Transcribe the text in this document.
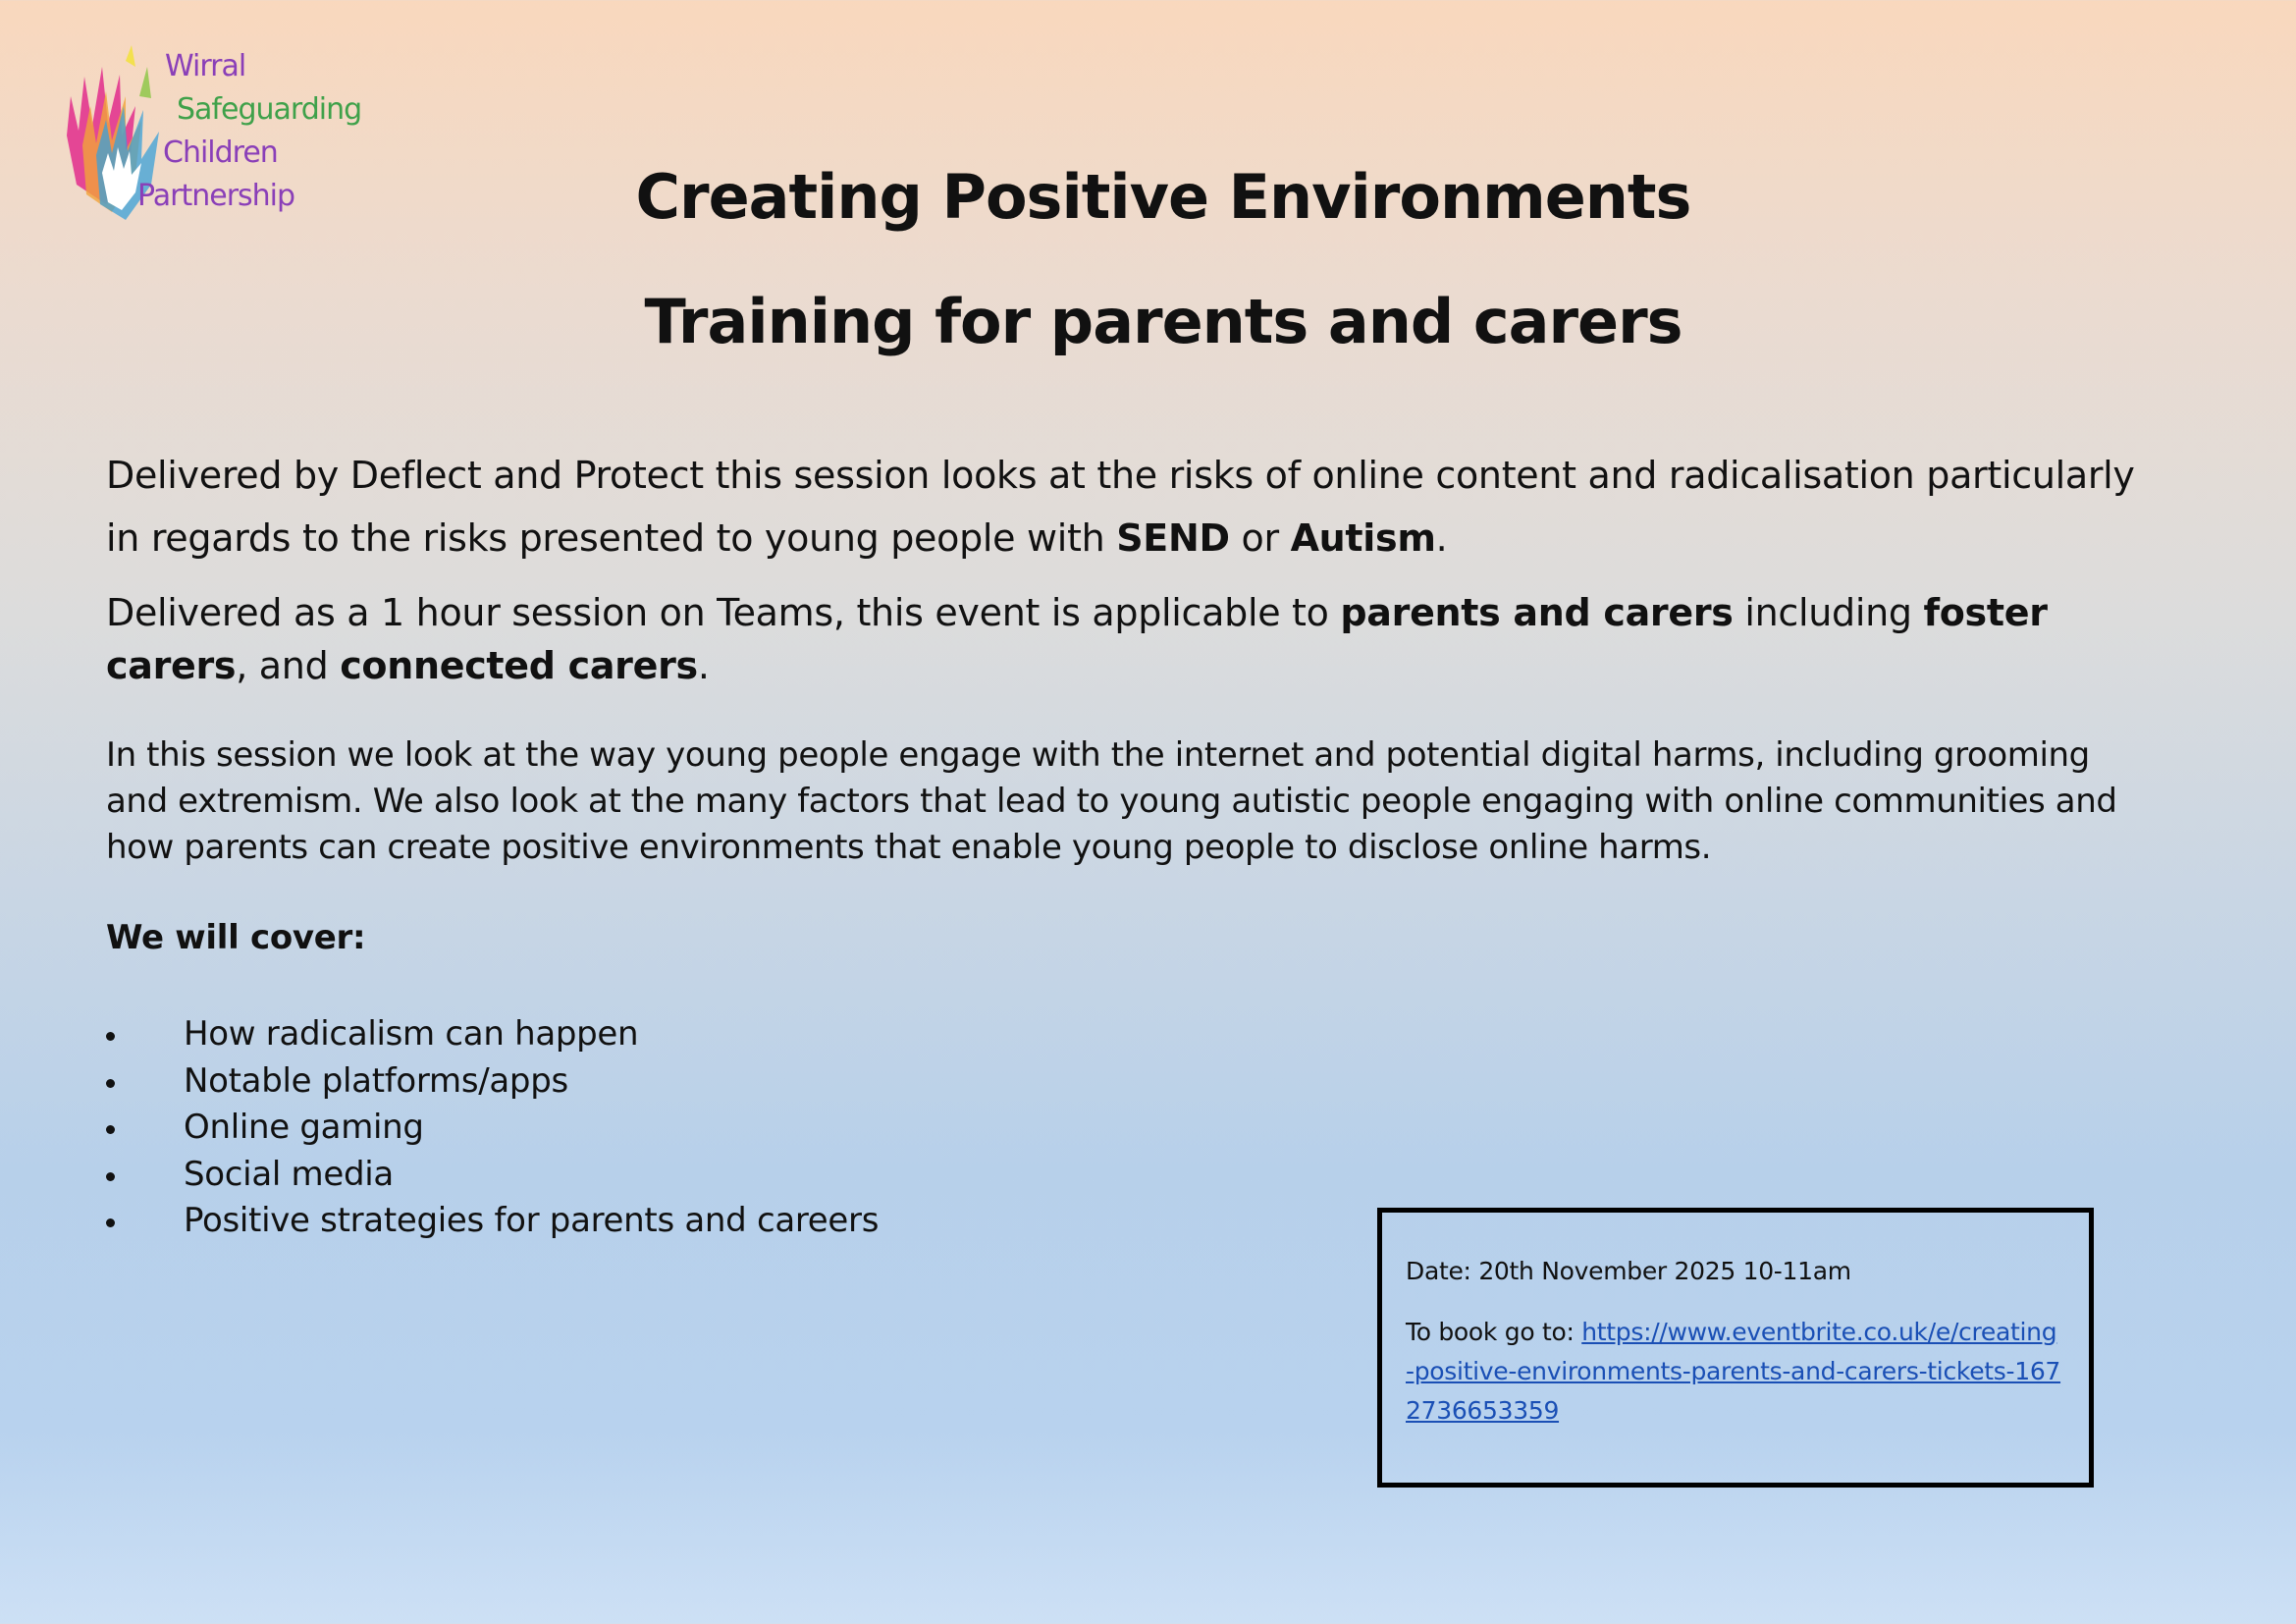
Wirral
Safeguarding
Children
Partnership	Creating Positive Environments
Training for parents and carers

Delivered by Deflect and Protect this session looks at the risks of online content and radicalisation particularly in regards to the risks presented to young people with SEND or Autism.

Delivered as a 1 hour session on Teams, this event is applicable to parents and carers including foster carers, and connected carers.

In this session we look at the way young people engage with the internet and potential digital harms, including grooming and extremism. We also look at the many factors that lead to young autistic people engaging with online communities and how parents can create positive environments that enable young people to disclose online harms.

We will cover:

How radicalism can happen
Notable platforms/apps
Online gaming
Social media
Positive strategies for parents and careers

Date: 20th November 2025 10-11am

To book go to: https://www.eventbrite.co.uk/e/creating-positive-environments-parents-and-carers-tickets-1672736653359
